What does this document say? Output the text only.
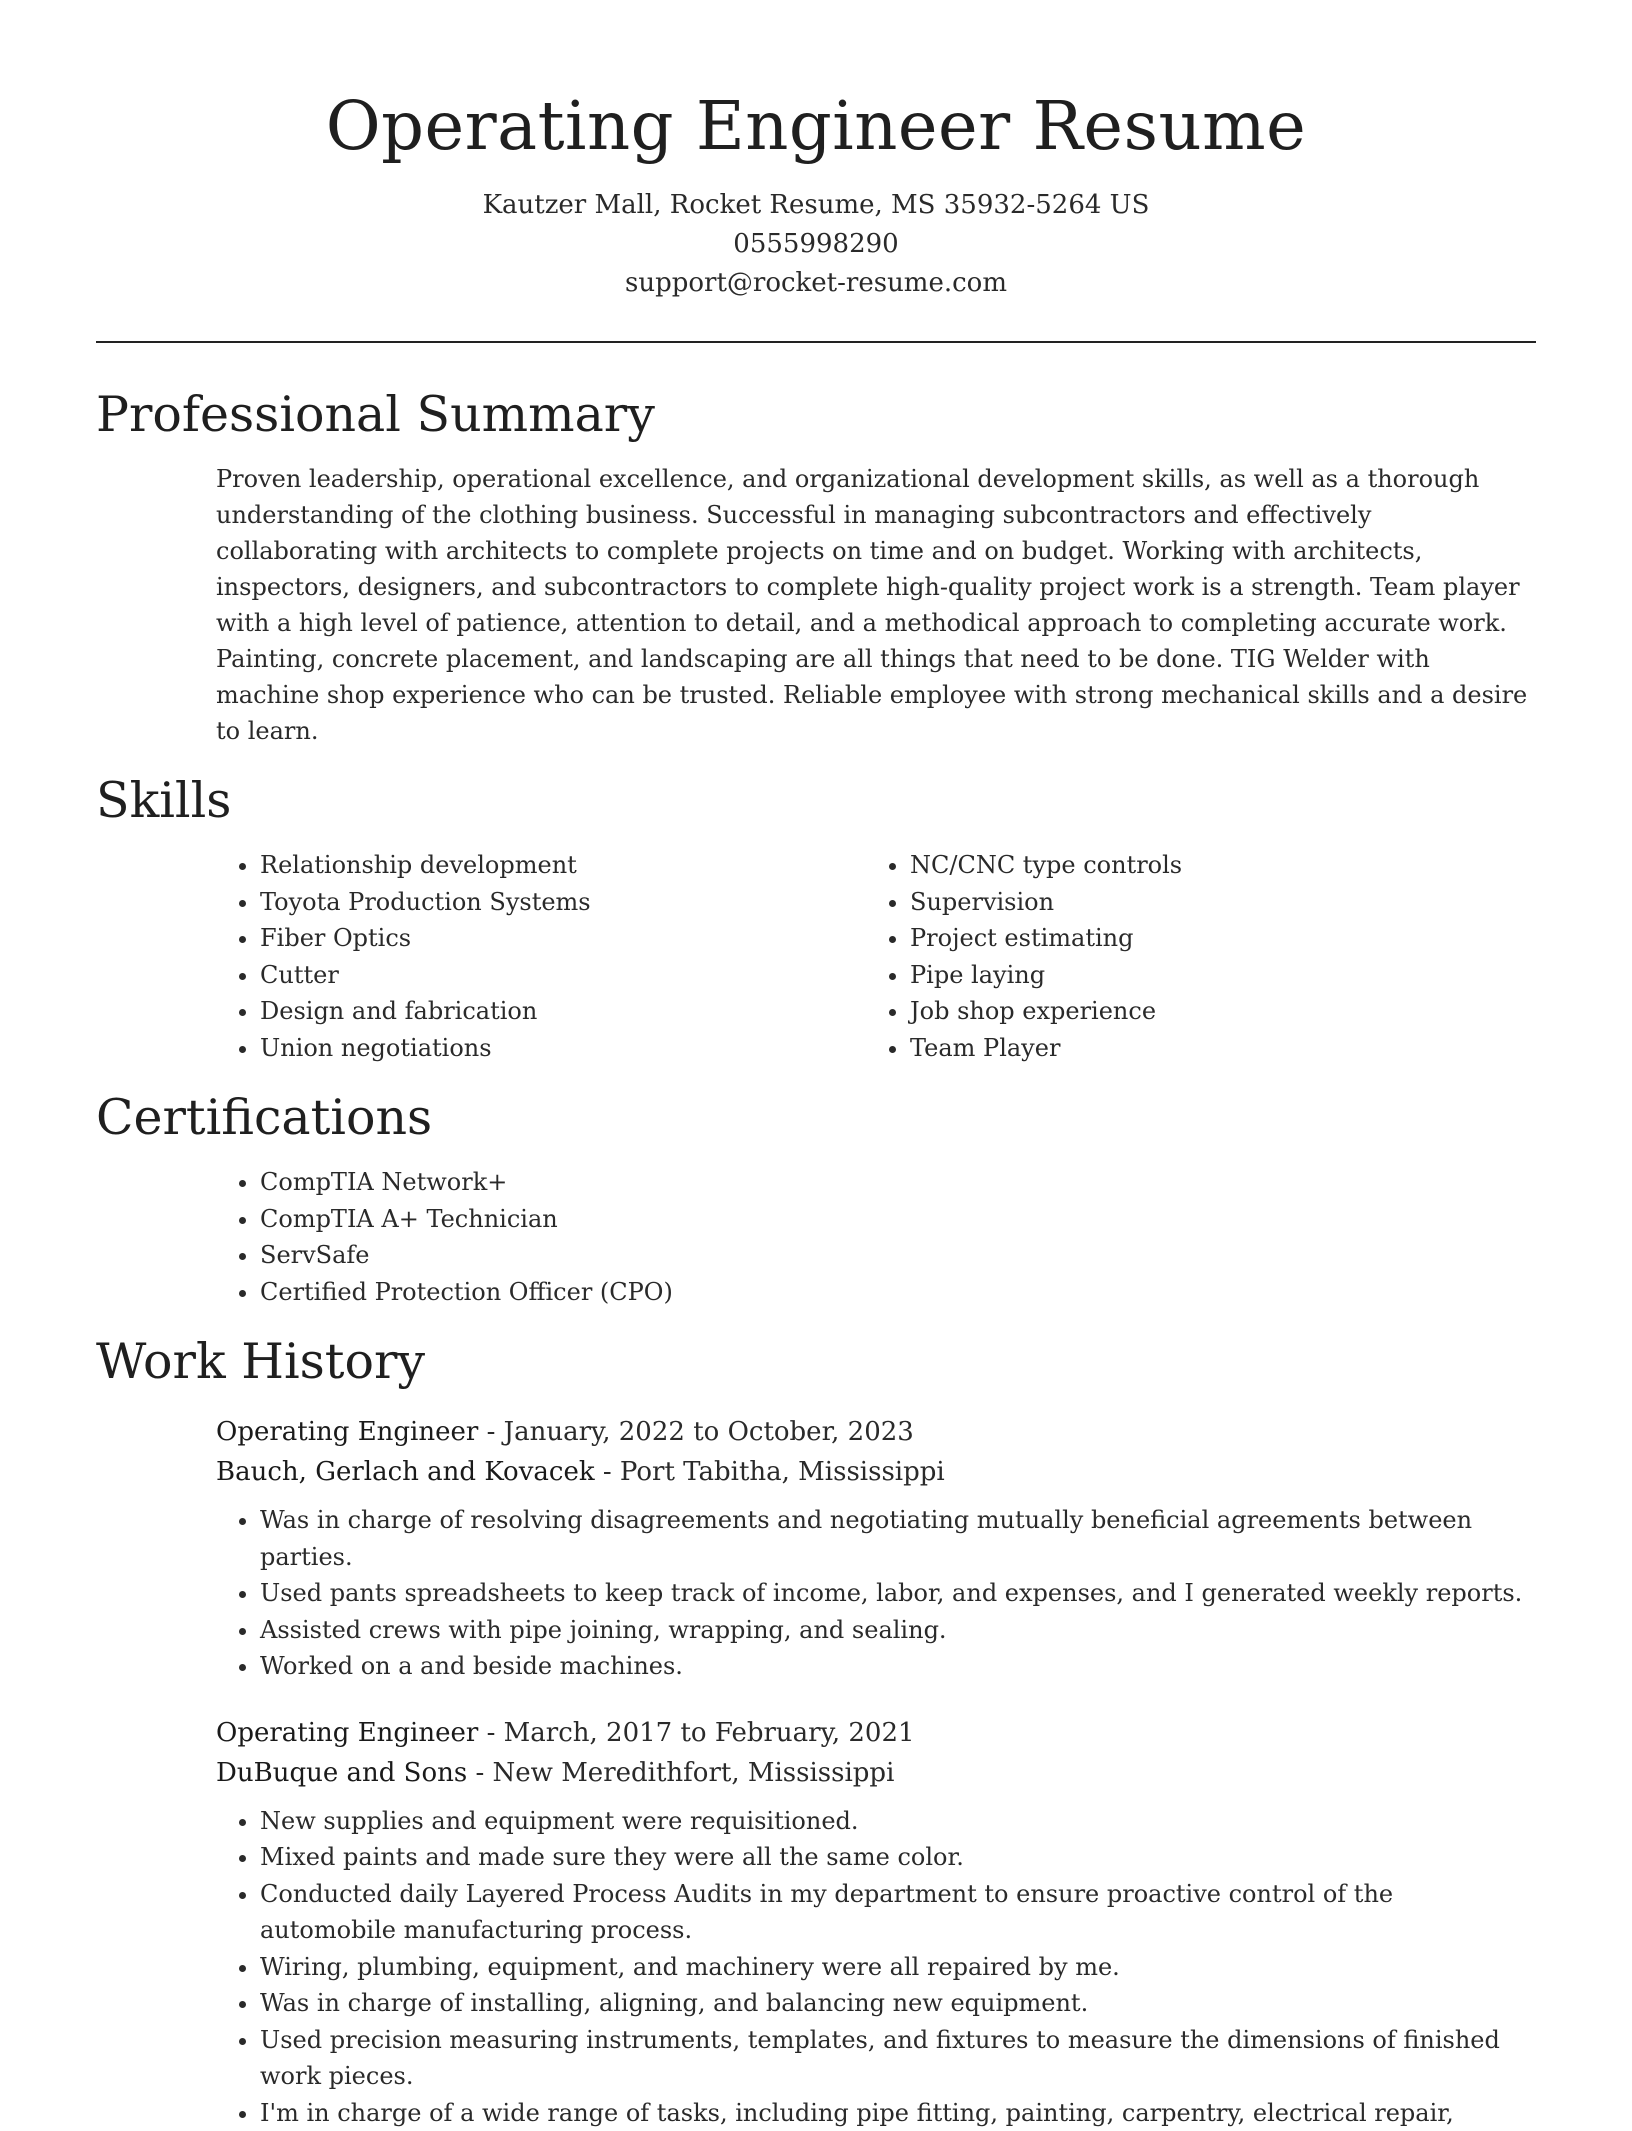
Operating Engineer Resume
Kautzer Mall, Rocket Resume, MS 35932-5264 US
0555998290
support@rocket-resume.com
Professional Summary

Proven leadership, operational excellence, and organizational development skills, as well as a thorough understanding of the clothing business. Successful in managing subcontractors and effectively collaborating with architects to complete projects on time and on budget. Working with architects, inspectors, designers, and subcontractors to complete high-quality project work is a strength. Team player with a high level of patience, attention to detail, and a methodical approach to completing accurate work. Painting, concrete placement, and landscaping are all things that need to be done. TIG Welder with machine shop experience who can be trusted. Reliable employee with strong mechanical skills and a desire to learn.

Skills
• Relationship development
• Toyota Production Systems
• Fiber Optics
• Cutter
• Design and fabrication
• Union negotiations
• NC/CNC type controls
• Supervision
• Project estimating
• Pipe laying
• Job shop experience
• Team Player
Certifications
• CompTIA Network+
• CompTIA A+ Technician
• ServSafe
• Certified Protection Officer (CPO)
Work History
Operating Engineer - January, 2022 to October, 2023
Bauch, Gerlach and Kovacek - Port Tabitha, Mississippi
• Was in charge of resolving disagreements and negotiating mutually beneficial agreements between parties.
• Used pants spreadsheets to keep track of income, labor, and expenses, and I generated weekly reports.
• Assisted crews with pipe joining, wrapping, and sealing.
• Worked on a and beside machines.
Operating Engineer - March, 2017 to February, 2021
DuBuque and Sons - New Meredithfort, Mississippi
• New supplies and equipment were requisitioned.
• Mixed paints and made sure they were all the same color.
• Conducted daily Layered Process Audits in my department to ensure proactive control of the automobile manufacturing process.
• Wiring, plumbing, equipment, and machinery were all repaired by me.
• Was in charge of installing, aligning, and balancing new equipment.
• Used precision measuring instruments, templates, and fixtures to measure the dimensions of finished work pieces.
• I'm in charge of a wide range of tasks, including pipe fitting, painting, carpentry, electrical repair,
